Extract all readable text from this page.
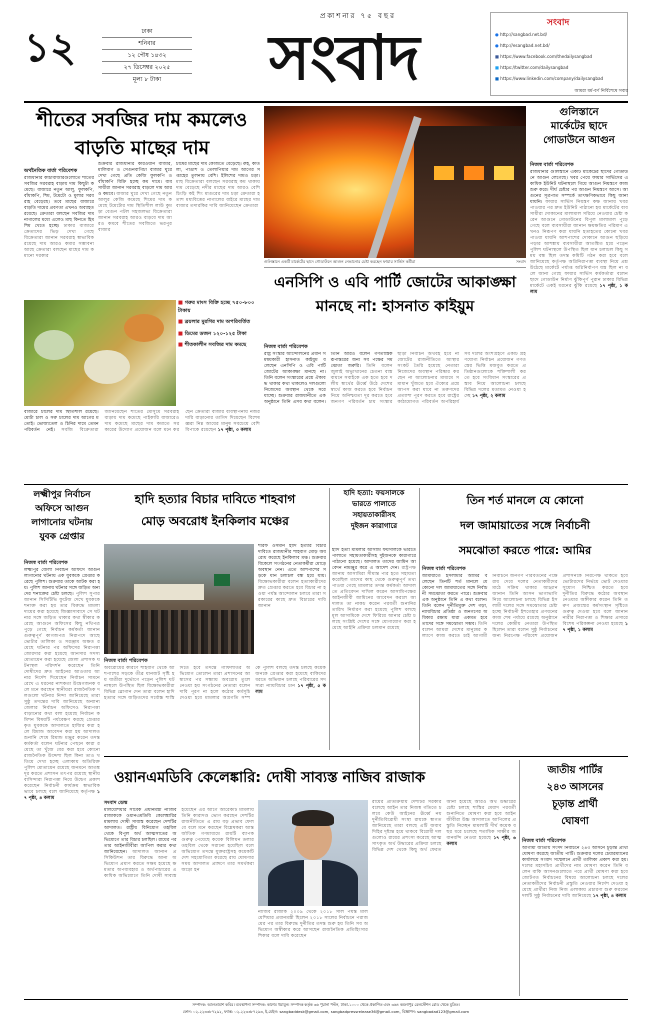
১২	ঢাকা
শনিবার
১২ পৌষ ১৪৩২
২৭ ডিসেম্বর ২০২৫
মূল্য ৮ টাকা
প্রকাশনার ৭৫ বছর
সংবাদ	সংবাদ
● http://sangbad.net.bd/
● http://esangbad.net.bd/
■ https://www.facebook.com/thedailysangbad
■ https://twitter.com/dailysangbad
■ https://www.linkedin.com/company/dailysangbad
আমরা ধর্ম-বর্ণ নির্বিশেষে সবার
শীতের সবজির দাম কমলেও
বাড়তি মাছের দাম
অর্থনৈতিক বার্তা পরিবেশক
রাজধানীর কাঁচাবাজারগুলোতে শীতের সবজির সরবরাহ বাড়ায় দাম কিছুটা কমেছে। বাজারে নতুন আলু, ফুলকপি, বাঁধাকপি, শিম, টমেটো ও মুলার সরবরাহ বেড়েছে। তবে মাছের বাজারে বাড়তি দামের প্রবণতা এখনও অব্যাহত রয়েছে। ক্রেতারা বলছেন সবজির দাম নাগালের মধ্যে এলেও মাছ কিনতে হিমশিম খেতে হচ্ছে। ঢাকার বাজারে ক্রেতাদের ভিড় দেখা গেছে বিক্রেতারা জানান সরবরাহ স্বাভাবিক রয়েছে দাম আরও কমার সম্ভাবনা আছে ক্রেতারা বলছেন মাছের দাম কমানো দরকার
শুক্রবার রাজধানীর কারওয়ান বাজার, মালিবাগ ও সেগুনবাগিচা বাজার ঘুরে দেখা গেছে প্রতি কেজি ফুলকপি ও বাঁধাকপি বিক্রি হচ্ছে কম দামে। ব্যবসায়ীরা জানান সরবরাহ বাড়লে দাম আরও কমবে। বাজার ঘুরে দেখা গেছে নতুন আলুর কেজি কমেছে শিমের দাম কমেছে টমেটোর দাম স্থিতিশীল লাউ কুমড়া বেগুন পটল সহজলভ্য বিক্রেতারা জানান সরবরাহ আরও বাড়বে দাম আরও কমবে শীতের সবজিতে ভরপুর বাজার
চাষের মাছের দাম কেজিতে বেড়েছে। রুই, কাতলা, পাঙাশ ও তেলাপিয়ার দাম আগের সপ্তাহের তুলনায় বেশি। ইলিশের দামও চড়া। মাছ বিক্রেতারা বলছেন সরবরাহ কম থাকায় দাম বেড়েছে নদীর মাছের দাম আরও বেশি চিংড়ি কই শিং মাগুরের দাম চড়া ক্রেতারা হতাশ মধ্যবিত্তের নাগালের বাইরে মাছের দাম বাজার তদারকির দাবি জানিয়েছেন ক্রেতারা
■ গরুর মাংস বিক্রি হচ্ছে ৭৫০-৮০০ টাকায়
■ ব্রয়লার মুরগির দাম অপরিবর্তিত
■ ডিমের ডজন ১২০-১২৫ টাকা
■ শীতকালীন সবজির দাম কমছে
বাজারে চালের দাম স্থিতিশীল রয়েছে। মোটা চাল ও সরু চালের দাম আগের মতোই। ভোজ্যতেল ও চিনির দামে তেমন পরিবর্তন নেই। সবজি বিক্রেতারা জানিয়েছেন শীতের মৌসুমে সরবরাহ বাড়ায় দাম কমেছে পাইকারি বাজারেও দাম কমেছে মাছের দাম কমাতে সরকারের উদ্যোগ প্রয়োজন বলে মনে করছেন ক্রেতারা বাজার ব্যবস্থাপনায় নজরদারি বাড়ানোর তাগিদ দিয়েছেন বিশেষজ্ঞরা নিম্ন আয়ের মানুষ সবচেয়ে বেশি বিপাকে রয়েছেন ১৭ পৃষ্ঠা, ৩ কলাম
গুলিস্তানে একটি মার্কেটের ছাদে গোডাউনে আগুন নেভানোর চেষ্টা করছেন ফায়ার সার্ভিস কর্মীরা	সংবাদ
গুলিস্তানে
মার্কেটের ছাদে
গোডাউনে আগুন
নিজস্ব বার্তা পরিবেশক
রাজধানীর গুলিস্তানে একটি মার্কেটের ছাদের গোডাউনে আগুন লেগেছে। খবর পেয়ে ফায়ার সার্ভিসের একাধিক ইউনিট ঘটনাস্থলে গিয়ে আগুন নিয়ন্ত্রণে কাজ শুরু করে। দীর্ঘ চেষ্টার পর আগুন নিয়ন্ত্রণে আসে। আগুনের সূত্রপাত সম্পর্কে তাৎক্ষণিকভাবে কিছু জানা যায়নি। ফায়ার সার্ভিস নিয়ন্ত্রণ কক্ষ জানায় খবর পাওয়ার পর দ্রুত ইউনিট পাঠানো হয় মার্কেটের ব্যবসায়ীরা দোকানের মালামাল সরিয়ে নেওয়ার চেষ্টা করেন আগুনে গোডাউনের বিপুল মালামাল পুড়ে গেছে বলে ব্যবসায়ীরা জানান ক্ষয়ক্ষতির পরিমাণ এখনও নিরূপণ করা যায়নি হতাহতের কোনো খবর পাওয়া যায়নি আশপাশের দোকানে আগুন ছড়িয়ে পড়ার আশঙ্কায় ব্যবসায়ীরা আতঙ্কিত হয়ে পড়েন পুলিশ ঘটনাস্থলে উপস্থিত ছিল যান চলাচল কিছু সময় বন্ধ ছিল তদন্ত কমিটি গঠন করা হবে বলে জানিয়েছে কর্তৃপক্ষ অগ্নিনিরাপত্তা ব্যবস্থা নিয়ে প্রশ্ন উঠেছে মার্কেটে পর্যাপ্ত অগ্নিনির্বাপণ যন্ত্র ছিল না বলে জানা গেছে ফায়ার সার্ভিস কর্মকর্তারা বলেন ছাদে গোডাউন নির্মাণ ঝুঁকিপূর্ণ পুরান ঢাকার বিভিন্ন মার্কেটে একই ধরনের ঝুঁকি রয়েছে ১৭ পৃষ্ঠা, ১ কলাম
এনসিপি ও এবি পার্টি জোটের আকাঙ্ক্ষা
মানছে না: হাসনাত কাইয়ুম
নিজস্ব বার্তা পরিবেশক
রাষ্ট্র সংস্কার আন্দোলনের প্রধান সমন্বয়কারী হাসনাত কাইয়ুম বলেছেন এনসিপি ও এবি পার্টি জোটের আকাঙ্ক্ষা মানছে না। তিনি বলেন সংস্কারের প্রশ্নে ঐক্যবদ্ধ থাকার কথা থাকলেও দলগুলো নিজেদের অবস্থান থেকে সরে যাচ্ছে। শুক্রবার রাজধানীতে এক অনুষ্ঠানে তিনি এসব কথা বলেন। তিনি আরও বলেন গণতান্ত্রিক রূপান্তরের জন্য সব পক্ষের সমঝোতা জরুরি। তিনি বলেন জুলাই অভ্যুত্থানের চেতনা বাস্তবায়নে সবাইকে এক হতে হবে দলীয় স্বার্থের ঊর্ধ্বে উঠে দেশের স্বার্থে কাজ করতে হবে নির্বাচন নিয়ে অনিশ্চয়তা দূর করতে হবে জনগণ পরিবর্তন চায় সংস্কার ছাড়া নির্বাচন অর্থবহ হবে না জোটের রাজনীতিতে আস্থার সংকট তৈরি হয়েছে নেতারা নিজেদের অবস্থান পরিষ্কার করছেন না আলোচনার মাধ্যমে সমাধান খুঁজতে হবে ঐক্যের প্রশ্নে আপস করা যাবে না তরুণদের প্রত্যাশা পূরণ করতে হবে রাষ্ট্রের কাঠামোগত পরিবর্তন অপরিহার্য সব দলের অংশগ্রহণে একটি গ্রহণযোগ্য নির্বাচন প্রয়োজন গণতন্ত্রের ভিত্তি মজবুত করতে প্রতিষ্ঠানগুলোকে শক্তিশালী করতে হবে সংবিধান সংস্কারের প্রস্তাব নিয়ে আলোচনা চলছে বিভিন্ন দলের মতামত নেওয়া হচ্ছে ১৭ পৃষ্ঠা, ২ কলাম
লক্ষ্মীপুর নির্বাচন
অফিসে আগুন
লাগানোর ঘটনায়
যুবক গ্রেপ্তার
নিজস্ব বার্তা পরিবেশক
লক্ষ্মীপুর জেলা নির্বাচন অফিসে আগুন লাগানোর ঘটনায় এক যুবককে গ্রেপ্তার করেছে পুলিশ। শুক্রবার তাকে আটক করা হয়। পুলিশ জানায় ঘটনার সঙ্গে জড়িত অন্যদের শনাক্তের চেষ্টা চলছে। পুলিশ সুপার জানান সিসিটিভি ফুটেজ দেখে যুবককে শনাক্ত করা হয় তার বিরুদ্ধে মামলা দায়ের করা হয়েছে জিজ্ঞাসাবাদে সে ঘটনার সঙ্গে জড়িত থাকার কথা স্বীকার করেছে আগুনে অফিসের কিছু নথিপত্র পুড়ে গেছে নির্বাচন কর্মকর্তা জানান গুরুত্বপূর্ণ কাগজপত্র নিরাপদে আছে ভোটার তালিকা ও সরঞ্জাম অক্ষত রয়েছে ঘটনার পর অফিসের নিরাপত্তা জোরদার করা হয়েছে আনসার সদস্য মোতায়েন করা হয়েছে জেলা প্রশাসক ঘটনাস্থল পরিদর্শন করেছেন তিনি দোষীদের দ্রুত আইনের আওতায় আনার নির্দেশ দিয়েছেন নির্বাচন সামনে রেখে এ ধরনের নাশকতা উদ্বেগজনক বলে মনে করছেন স্থানীয়রা রাজনৈতিক দলগুলো ঘটনার নিন্দা জানিয়েছে তারা সুষ্ঠু তদন্তের দাবি জানিয়েছে অন্যান্য জেলার নির্বাচন অফিসেও নিরাপত্তা বাড়ানোর কথা বলা হয়েছে নির্বাচন কমিশন বিষয়টি পর্যবেক্ষণ করছে গ্রেপ্তারকৃত যুবককে আদালতে হাজির করা হলে রিমান্ড আবেদন করা হয় আদালত শুনানি শেষে রিমান্ড মঞ্জুর করেন তদন্ত কর্মকর্তা বলেন ঘটনার পেছনে কারা রয়েছে তা খুঁজে বের করা হবে কোনো রাজনৈতিক উদ্দেশ্য ছিল কিনা তাও খতিয়ে দেখা হচ্ছে এলাকায় অতিরিক্ত পুলিশ মোতায়েন রয়েছে জনমনে আতঙ্ক দূর করতে প্রশাসন তৎপর রয়েছে স্থানীয় বাসিন্দারা নিরাপত্তা নিয়ে উদ্বেগ প্রকাশ করেছেন নির্বাচনী কার্যক্রম স্বাভাবিকভাবে চলছে বলে জানিয়েছে কর্তৃপক্ষ ১৭ পৃষ্ঠা, ৪ কলাম
হাদি হত্যার বিচার দাবিতে শাহবাগ
মোড় অবরোধ ইনকিলাব মঞ্চের
শরিফ ওসমান হাদি হত্যার বিচার দাবিতে রাজধানীর শাহবাগ মোড় অবরোধ করেছে ইনকিলাব মঞ্চ। শুক্রবার বিকেলে সংগঠনের নেতাকর্মীরা মোড়ে অবস্থান নেন। এতে আশপাশের সড়কে যান চলাচল বন্ধ হয়ে যায়। বিক্ষোভকারীরা বলেন হত্যাকারীদের দ্রুত গ্রেপ্তার করতে হবে বিচার না হওয়া পর্যন্ত আন্দোলন চলবে তারা সরকারের কাছে দ্রুত বিচারের দাবি জানান
নিজস্ব বার্তা পরিবেশক
অবরোধের কারণে শাহবাগ থেকে আশপাশের সড়কে তীব্র যানজট সৃষ্টি হয় যাত্রীরা দুর্ভোগে পড়েন পুলিশ ঘটনাস্থলে উপস্থিত ছিল বিক্ষোভকারীরা বিভিন্ন স্লোগান দেন তারা বলেন হাদি হত্যার সঙ্গে জড়িতদের সর্বোচ্চ শাস্তি দিতে হবে তদন্তে গাফিলতির অভিযোগ তোলেন তারা প্রশাসনের আশ্বাসের পর সন্ধ্যায় অবরোধ তুলে নেওয়া হয় সংগঠনের নেতারা বলেন দাবি পূরণ না হলে কঠোর কর্মসূচি দেওয়া হবে মামলার অগ্রগতি সম্পর্কে পুলিশ বলছে তদন্ত চলছে কয়েকজনকে গ্রেপ্তার করা হয়েছে বাকিদের ধরতে অভিযান চলছে পরিবারের সদস্যরা ন্যায়বিচার চান ১৭ পৃষ্ঠা, ৫ কলাম
হাদি হত্যা: ফয়সালকে
ভারতে পালাতে
সহায়তাকারীসহ
দুইজন কারাগারে
হাদি হত্যা মামলার আসামি ফয়সালকে ভারতে পালাতে সহায়তাকারীসহ দুইজনকে কারাগারে পাঠানো হয়েছে। আদালত তাদের জামিন আবেদন নামঞ্জুর করে এ আদেশ দেন। রাষ্ট্রপক্ষ জানায় আসামিরা সীমান্ত পার হতে সহায়তা করেছিল তাদের কাছ থেকে গুরুত্বপূর্ণ তথ্য পাওয়া গেছে মামলার তদন্ত কর্মকর্তা আদালতে প্রতিবেদন দাখিল করেন আসামিপক্ষের আইনজীবী জামিনের আবেদন করলে আদালত তা নাকচ করেন পরবর্তী শুনানির তারিখ নির্ধারণ করা হয়েছে পুলিশ বলছে মূল আসামিকে দেশে ফিরিয়ে আনার চেষ্টা চলছে সংশ্লিষ্ট দেশের সঙ্গে যোগাযোগ করা হয়েছে আইনি প্রক্রিয়া চলমান রয়েছে
তিন শর্ত মানলে যে কোনো
দল জামায়াতের সঙ্গে নির্বাচনী
সমঝোতা করতে পারে: আমির
নিজস্ব বার্তা পরিবেশক
জামায়াতে ইসলামীর আমির বলেছেন তিনটি শর্ত মানলে যে কোনো দল জামায়াতের সঙ্গে নির্বাচনী সমঝোতা করতে পারে। শুক্রবার এক অনুষ্ঠানে তিনি এ কথা বলেন। তিনি বলেন দুর্নীতিমুক্ত দেশ গড়া, ন্যায়বিচার প্রতিষ্ঠা ও জনগণের অধিকার রক্ষায় যারা একমত হবে তাদের সঙ্গে সমঝোতা সম্ভব। তিনি বলেন আমরা দেশের মানুষের কল্যাণে কাজ করতে চাই আগামী নির্বাচনে জনগণ পরিবর্তনের পক্ষে রায় দেবে দলের নেতাকর্মীদের মাঠে সক্রিয় থাকার আহ্বান জানান তিনি আসন ভাগাভাগি নিয়ে আলোচনা চলছে বিভিন্ন ইসলামী দলের সঙ্গে সমঝোতার চেষ্টা হচ্ছে নির্বাচনী ইশতেহার প্রণয়নের কাজ শেষ পর্যায়ে রয়েছে অনুষ্ঠানে দলের কেন্দ্রীয় নেতারা উপস্থিত ছিলেন তারা বলেন সুষ্ঠু নির্বাচনের জন্য নিরপেক্ষ পরিবেশ প্রয়োজন প্রশাসনকে নিরপেক্ষ থাকতে হবে ভোটারদের নির্ভয়ে ভোট দেওয়ার সুযোগ নিশ্চিত করতে হবে দুর্নীতির বিরুদ্ধে কঠোর অবস্থান নেওয়ার অঙ্গীকার করেন তিনি তরুণ প্রজন্মের কর্মসংস্থান সৃষ্টিতে গুরুত্ব দেওয়া হবে বলে জানান নারীর নিরাপত্তা ও শিক্ষার প্রসারে বিশেষ পরিকল্পনা নেওয়া হয়েছে ১৭ পৃষ্ঠা, ১ কলাম
ওয়ানএমডিবি কেলেঙ্কারি: দোষী সাব্যস্ত নাজিব রাজাক
সংবাদ ডেস্ক
মালয়েশিয়ার সাবেক প্রধানমন্ত্রী নাজিব রাজাককে ওয়ানএমডিবি কেলেঙ্কারির মামলায় দোষী সাব্যস্ত করেছেন দেশটির আদালত। রাষ্ট্রীয় বিনিয়োগ তহবিল থেকে বিপুল অর্থ আত্মসাতের অভিযোগে তার বিচার চলছিল। রায়ের পর তার আইনজীবীরা আপিল করার কথা জানিয়েছেন। আদালত জানান প্রসিকিউশন তার বিরুদ্ধে আনা অভিযোগ প্রমাণ করতে সক্ষম হয়েছে ক্ষমতার অপব্যবহার ও অর্থপাচারের একাধিক অভিযোগে তিনি দোষী সাব্যস্ত হয়েছেন এর আগে আরেকটি মামলায় তিনি কারাদণ্ড ভোগ করছেন দেশটির রাজনীতিতে এ রায় বড় প্রভাব ফেলবে বলে মনে করছেন বিশ্লেষকরা আন্তর্জাতিক গণমাধ্যমে রায়টি ব্যাপক গুরুত্ব পেয়েছে কয়েক বিলিয়ন ডলার তহবিল থেকে সরানো হয়েছিল বলে অভিযোগ তদন্তে যুক্তরাষ্ট্রসহ কয়েকটি দেশ সহযোগিতা করেছে রায় ঘোষণার সময় আদালত প্রাঙ্গণে তার সমর্থকরা জড়ো হন
নাজিব রাজাক ২০০৯ থেকে ২০১৮ সাল পর্যন্ত মালয়েশিয়ার প্রধানমন্ত্রী ছিলেন ২০১৮ সালের নির্বাচনে পরাজয়ের পর তার বিরুদ্ধে দুর্নীতির তদন্ত শুরু হয় তিনি সব অভিযোগ অস্বীকার করে আসছেন রাজনৈতিক প্রতিহিংসার শিকার বলে দাবি করেছেন
রায়ের প্রতিক্রিয়ায় দেশটির সরকার বলেছে আইন তার নিজস্ব গতিতে চলবে কেউ আইনের ঊর্ধ্বে নয় দুর্নীতিবিরোধী সংস্থা রায়কে স্বাগত জানিয়েছে তারা বলছে এটি জবাবদিহির দৃষ্টান্ত হয়ে থাকবে বিরোধী দলগুলোও রায়ের প্রশংসা করেছে আত্মসাৎকৃত অর্থ উদ্ধারের প্রক্রিয়া চলছে বিভিন্ন দেশ থেকে কিছু অর্থ ফেরত আনা হয়েছে আরও অর্থ উদ্ধারের চেষ্টা চলছে শাস্তির মেয়াদ পরবর্তী শুনানিতে ঘোষণা করা হবে আইনজীবীরা উচ্চ আদালতে আপিলের প্রস্তুতি নিচ্ছেন মামলাটি দীর্ঘ কয়েক বছর ধরে চলেছে শতাধিক সাক্ষীর জবানবন্দি নেওয়া হয়েছে ১৭ পৃষ্ঠা, ৬ কলাম
জাতীয় পার্টির
২৪৩ আসনের
চূড়ান্ত প্রার্থী
ঘোষণা
নিজস্ব বার্তা পরিবেশক
আগামী জাতীয় সংসদ নির্বাচনে ২৪৩ আসনে চূড়ান্ত প্রার্থী ঘোষণা করেছে জাতীয় পার্টি। শুক্রবার দলের চেয়ারম্যানের কার্যালয়ে সংবাদ সম্মেলনে প্রার্থী তালিকা প্রকাশ করা হয়। দলের মহাসচিব প্রার্থীদের নাম ঘোষণা করেন তিনি বলেন বাকি আসনগুলোতে পরে প্রার্থী ঘোষণা করা হবে জোটগত নির্বাচনের বিষয়ে আলোচনা চলছে দলের নেতাকর্মীদের নির্বাচনী প্রস্তুতি নেওয়ার নির্দেশ দেওয়া হয়েছে প্রার্থীরা নিজ নিজ এলাকায় প্রচারণা শুরু করবেন দলটি সুষ্ঠু নির্বাচনের দাবি জানিয়েছে ১৭ পৃষ্ঠা, ৪ কলাম
সম্পাদক: আলতামাশ কবির। ব্যবস্থাপনা সম্পাদক: কাশেম হুমায়ুন। সম্পাদক কর্তৃক ৩৬ পুরানা পল্টন, ঢাকা-১০০০ থেকে প্রকাশিত এবং ৩৬৪ কমলাপুর রেলস্টেশন রোড থেকে মুদ্রিত।
ফোন: ০২-২২৩৩৮৭২৯২, ফ্যাক্স: ০২-২২৩৩৮৭২৯৩, ই-মেইল: sangbaddesk@gmail.com, sangbadpressrelease36@gmail.com, বিজ্ঞাপন: sangbadad123@gmail.com
